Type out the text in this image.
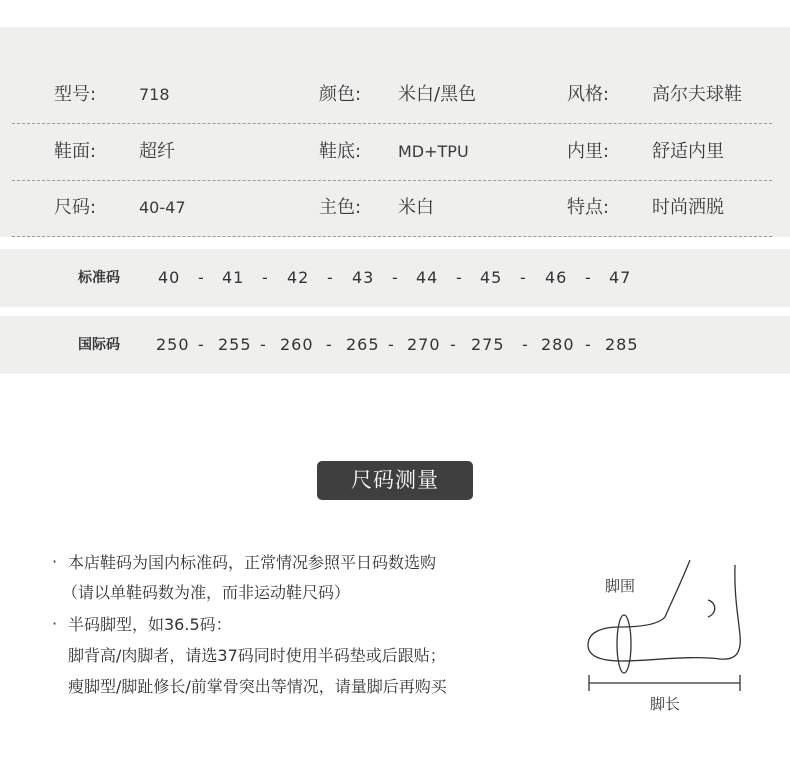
型号:	718	颜色: 米白/黑色	风格: 高尔夫球鞋
鞋面: 超纤	鞋底: MD+TPU	内里: 舒适内里
尺码:	40-47	主色: 米白	特点: 时尚洒脱
标准码 40 - 41 - 42 - 43 - 44 - 45 - 46 - 47
国际码 250 - 255 - 260 - 265 - 270 - 275 - 280 - 285
尺码测量
· 本店鞋码为国内标准码，正常情况参照平日码数选购
（请以单鞋码数为准，而非运动鞋尺码）
· 半码脚型，如36.5码：
脚背高/肉脚者，请选37码同时使用半码垫或后跟贴；
瘦脚型/脚趾修长/前掌骨突出等情况，请量脚后再购买
脚围
脚长
